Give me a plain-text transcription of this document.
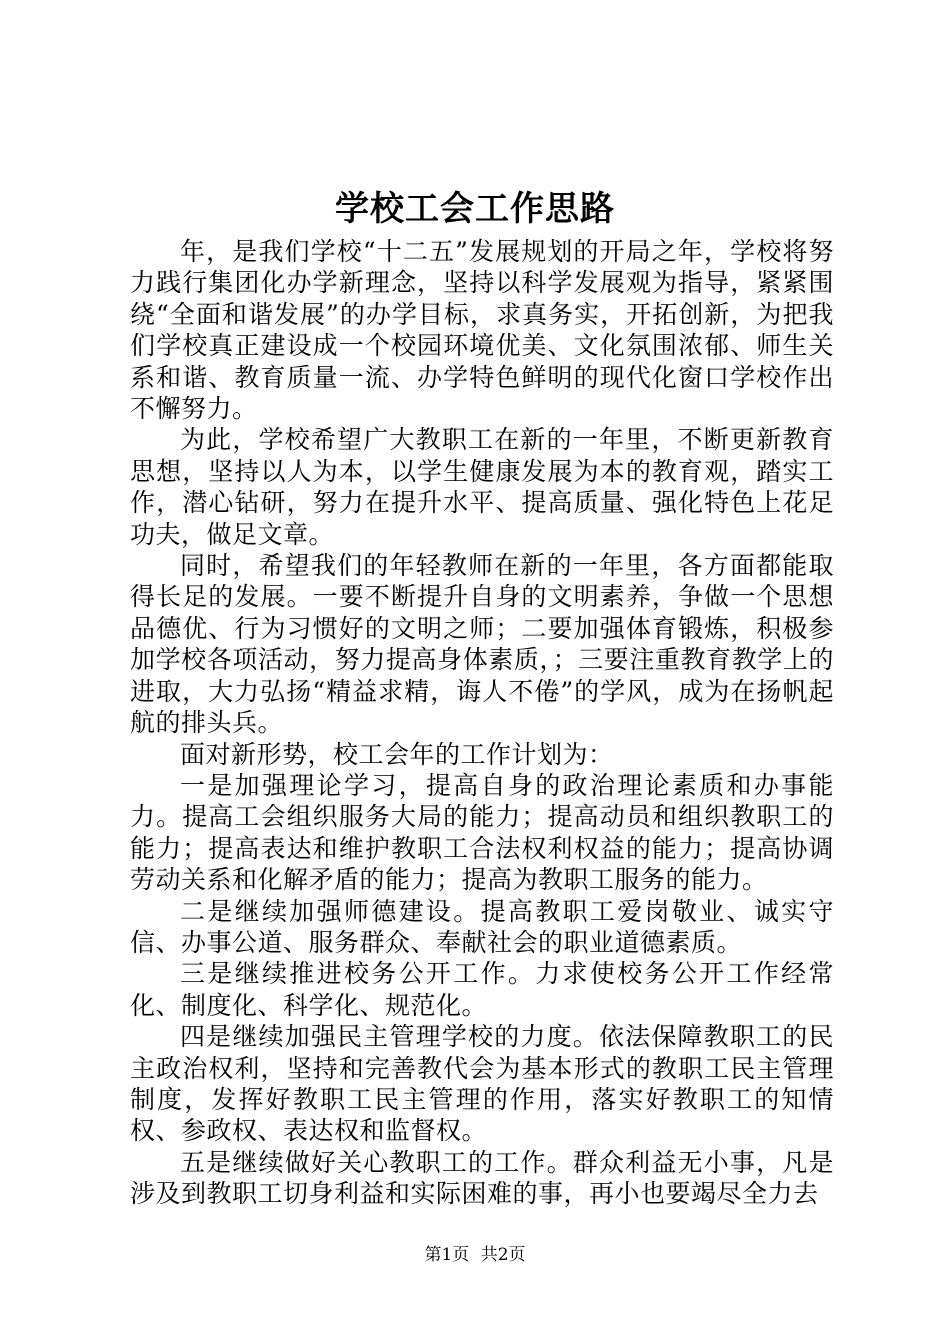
学校工会工作思路

年，是我们学校“十二五”发展规划的开局之年，学校将努力践行集团化办学新理念，坚持以科学发展观为指导，紧紧围绕“全面和谐发展”的办学目标，求真务实，开拓创新，为把我们学校真正建设成一个校园环境优美、文化氛围浓郁、师生关系和谐、教育质量一流、办学特色鲜明的现代化窗口学校作出不懈努力。

为此，学校希望广大教职工在新的一年里，不断更新教育思想，坚持以人为本，以学生健康发展为本的教育观，踏实工作，潜心钻研，努力在提升水平、提高质量、强化特色上花足功夫，做足文章。

同时，希望我们的年轻教师在新的一年里，各方面都能取得长足的发展。一要不断提升自身的文明素养，争做一个思想品德优、行为习惯好的文明之师；二要加强体育锻炼，积极参加学校各项活动，努力提高身体素质，；三要注重教育教学上的进取，大力弘扬“精益求精，诲人不倦”的学风，成为在扬帆起航的排头兵。

面对新形势，校工会年的工作计划为：

一是加强理论学习，提高自身的政治理论素质和办事能力。提高工会组织服务大局的能力；提高动员和组织教职工的能力；提高表达和维护教职工合法权利权益的能力；提高协调劳动关系和化解矛盾的能力；提高为教职工服务的能力。

二是继续加强师德建设。提高教职工爱岗敬业、诚实守信、办事公道、服务群众、奉献社会的职业道德素质。

三是继续推进校务公开工作。力求使校务公开工作经常化、制度化、科学化、规范化。

四是继续加强民主管理学校的力度。依法保障教职工的民主政治权利，坚持和完善教代会为基本形式的教职工民主管理制度，发挥好教职工民主管理的作用，落实好教职工的知情权、参政权、表达权和监督权。

五是继续做好关心教职工的工作。群众利益无小事，凡是涉及到教职工切身利益和实际困难的事，再小也要竭尽全力去

第1页 共2页
